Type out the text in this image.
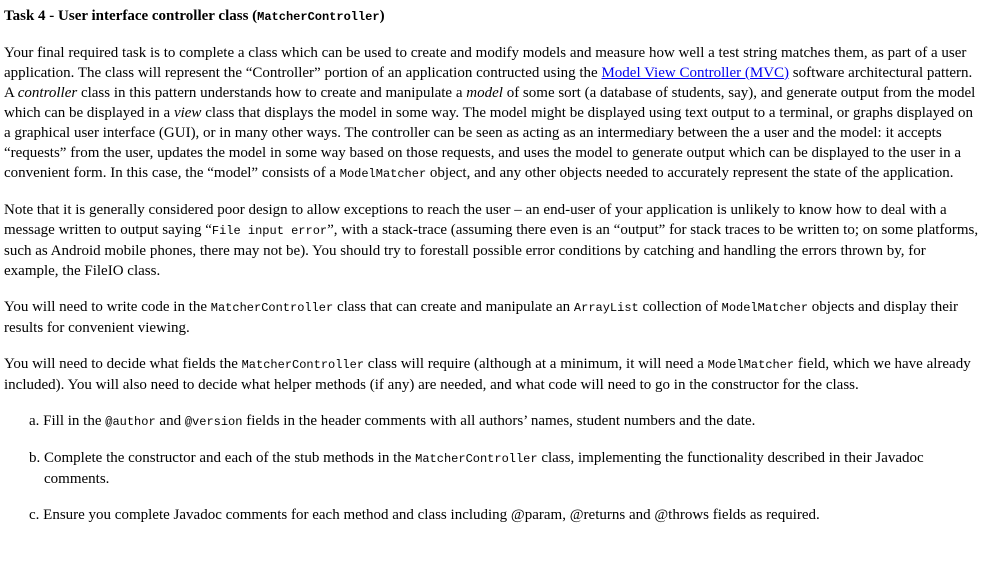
Task 4 - User interface controller class (MatcherController)

Your final required task is to complete a class which can be used to create and modify models and measure how well a test string matches them, as part of a user application. The class will represent the “Controller” portion of an application contructed using the Model View Controller (MVC) software architectural pattern. A controller class in this pattern understands how to create and manipulate a model of some sort (a database of students, say), and generate output from the model which can be displayed in a view class that displays the model in some way. The model might be displayed using text output to a terminal, or graphs displayed on a graphical user interface (GUI), or in many other ways. The controller can be seen as acting as an intermediary between the a user and the model: it accepts “requests” from the user, updates the model in some way based on those requests, and uses the model to generate output which can be displayed to the user in a convenient form. In this case, the “model” consists of a ModelMatcher object, and any other objects needed to accurately represent the state of the application.

Note that it is generally considered poor design to allow exceptions to reach the user – an end-user of your application is unlikely to know how to deal with a message written to output saying “File input error”, with a stack-trace (assuming there even is an “output” for stack traces to be written to; on some platforms, such as Android mobile phones, there may not be). You should try to forestall possible error conditions by catching and handling the errors thrown by, for example, the FileIO class.

You will need to write code in the MatcherController class that can create and manipulate an ArrayList collection of ModelMatcher objects and display their results for convenient viewing.

You will need to decide what fields the MatcherController class will require (although at a minimum, it will need a ModelMatcher field, which we have already included). You will also need to decide what helper methods (if any) are needed, and what code will need to go in the constructor for the class.

a. Fill in the @author and @version fields in the header comments with all authors’ names, student numbers and the date.
b. Complete the constructor and each of the stub methods in the MatcherController class, implementing the functionality described in their Javadoc comments.
c. Ensure you complete Javadoc comments for each method and class including @param, @returns and @throws fields as required.
